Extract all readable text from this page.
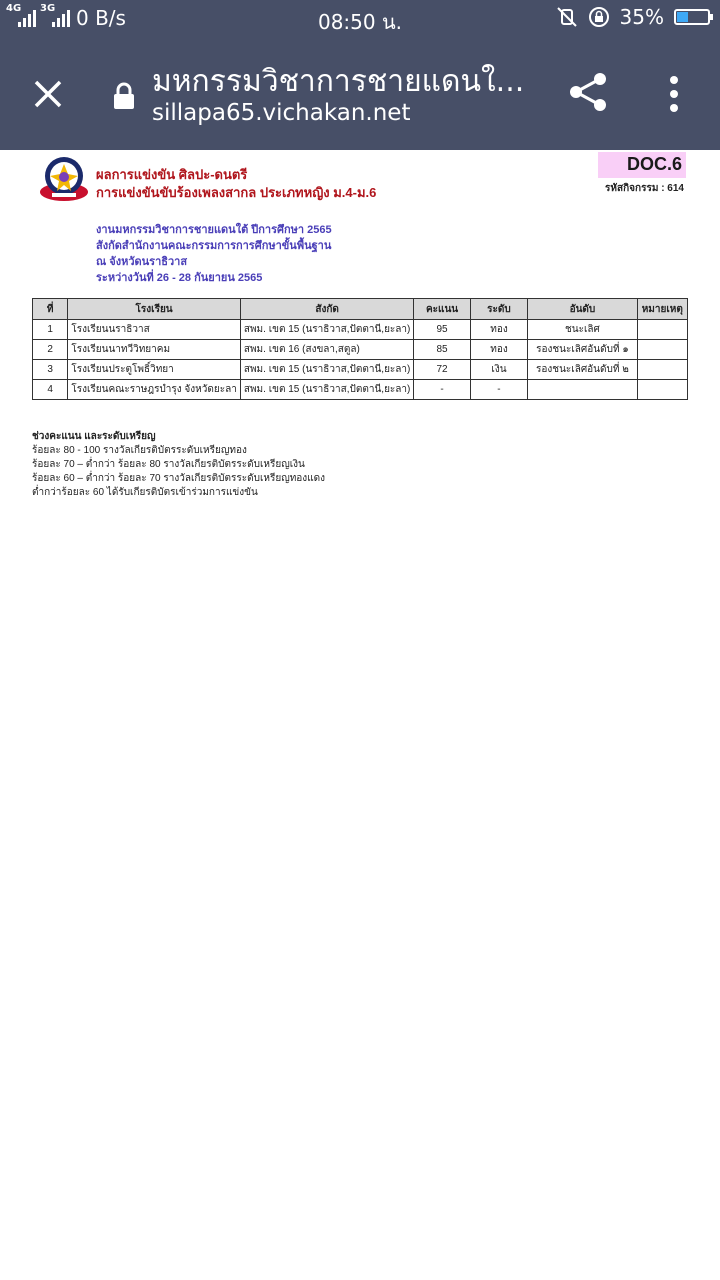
4G 3G 0 B/s	08:50 น.	35%
มหกรรมวิชาการชายแดนใ...
sillapa65.vichakan.net
ผลการแข่งขัน ศิลปะ-ดนตรี
การแข่งขันขับร้องเพลงสากล ประเภทหญิง ม.4-ม.6
DOC.6
รหัสกิจกรรม : 614
งานมหกรรมวิชาการชายแดนใต้ ปีการศึกษา 2565
สังกัดสำนักงานคณะกรรมการการศึกษาขั้นพื้นฐาน
ณ จังหวัดนราธิวาส
ระหว่างวันที่ 26 - 28 กันยายน 2565
ที่	โรงเรียน	สังกัด	คะแนน	ระดับ	อันดับ	หมายเหตุ
1	โรงเรียนนราธิวาส	สพม. เขต 15 (นราธิวาส,ปัตตานี,ยะลา)	95	ทอง	ชนะเลิศ	
2	โรงเรียนนาทวีวิทยาคม	สพม. เขต 16 (สงขลา,สตูล)	85	ทอง	รองชนะเลิศอันดับที่ ๑	
3	โรงเรียนประตูโพธิ์วิทยา	สพม. เขต 15 (นราธิวาส,ปัตตานี,ยะลา)	72	เงิน	รองชนะเลิศอันดับที่ ๒	
4	โรงเรียนคณะราษฎรบำรุง จังหวัดยะลา	สพม. เขต 15 (นราธิวาส,ปัตตานี,ยะลา)	-	-		
ช่วงคะแนน และระดับเหรียญ
ร้อยละ 80 - 100 รางวัลเกียรติบัตรระดับเหรียญทอง
ร้อยละ 70 – ต่ำกว่า ร้อยละ 80 รางวัลเกียรติบัตรระดับเหรียญเงิน
ร้อยละ 60 – ต่ำกว่า ร้อยละ 70 รางวัลเกียรติบัตรระดับเหรียญทองแดง
ต่ำกว่าร้อยละ 60 ได้รับเกียรติบัตรเข้าร่วมการแข่งขัน
